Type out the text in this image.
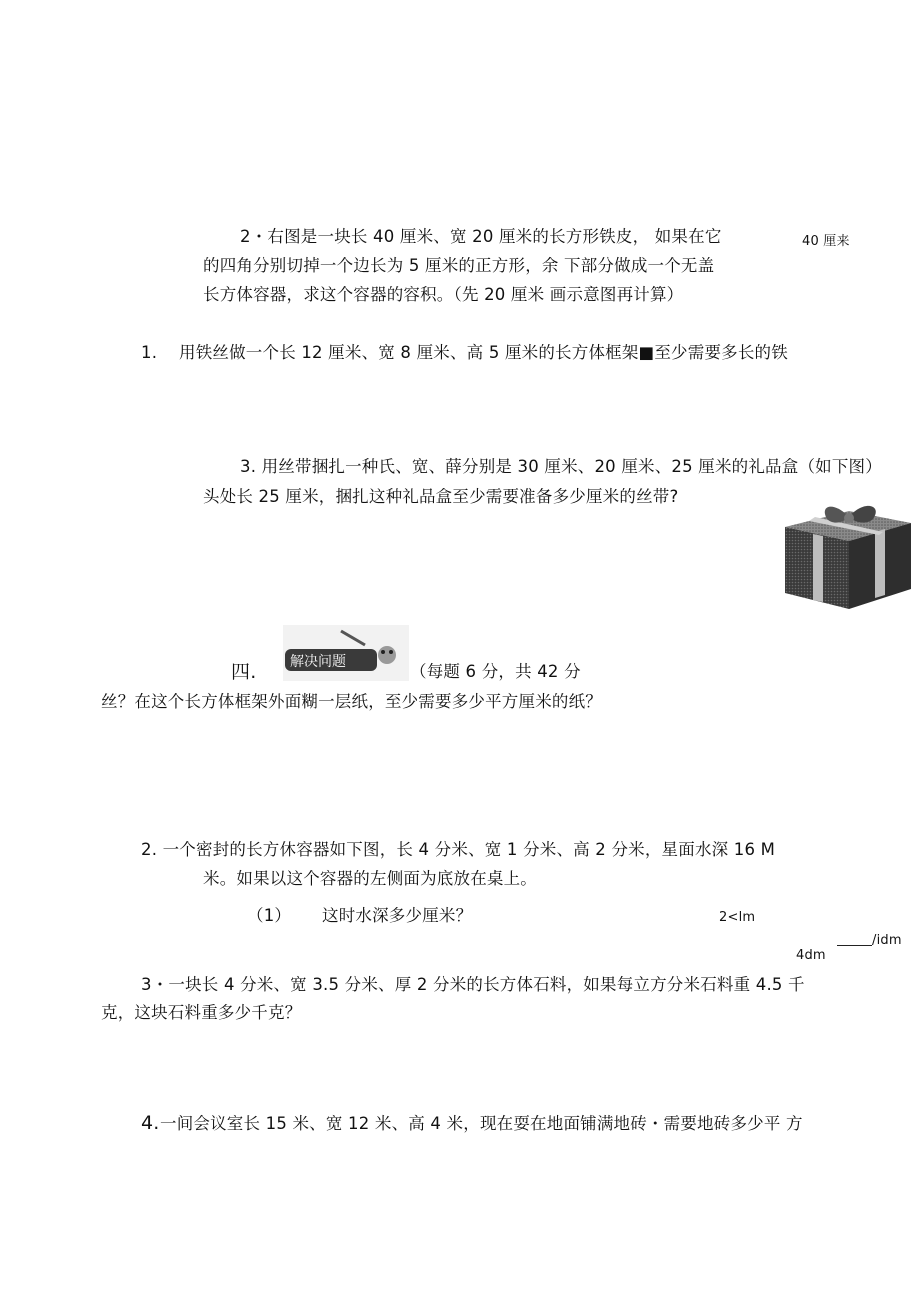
2・右图是一块长 40 厘米、宽 20 厘米的长方形铁皮， 如果在它	40 厘来
的四角分别切掉一个边长为 5 厘米的正方形，余 下部分做成一个无盖
长方体容器，求这个容器的容积。（先 20 厘米 画示意图再计算）
1. 用铁丝做一个长 12 厘米、宽 8 厘米、高 5 厘米的长方体框架■至少需要多长的铁
3. 用丝带捆扎一种氏、宽、薛分别是 30 厘米、20 厘米、25 厘米的礼品盒（如下图）
头处长 25 厘米，捆扎这种礼品盒至少需要准备多少厘米的丝带?
四. 解决问题	（每题 6 分，共 42 分
丝？在这个长方体框架外面糊一层纸，至少需要多少平方厘米的纸？
2. 一个密封的长方休容器如下图，长 4 分米、宽 1 分米、高 2 分米，星面水深 16 M
米。如果以这个容器的左侧面为底放在桌上。
（1） 这时水深多少厘米？	2<lm
4dm
/idm
3・一块长 4 分米、宽 3.5 分米、厚 2 分米的长方体石料，如果每立方分米石料重 4.5 千
克，这块石料重多少千克？
4. 一间会议室长 15 米、宽 12 米、高 4 米，现在耍在地面铺满地砖・需要地砖多少平 方
